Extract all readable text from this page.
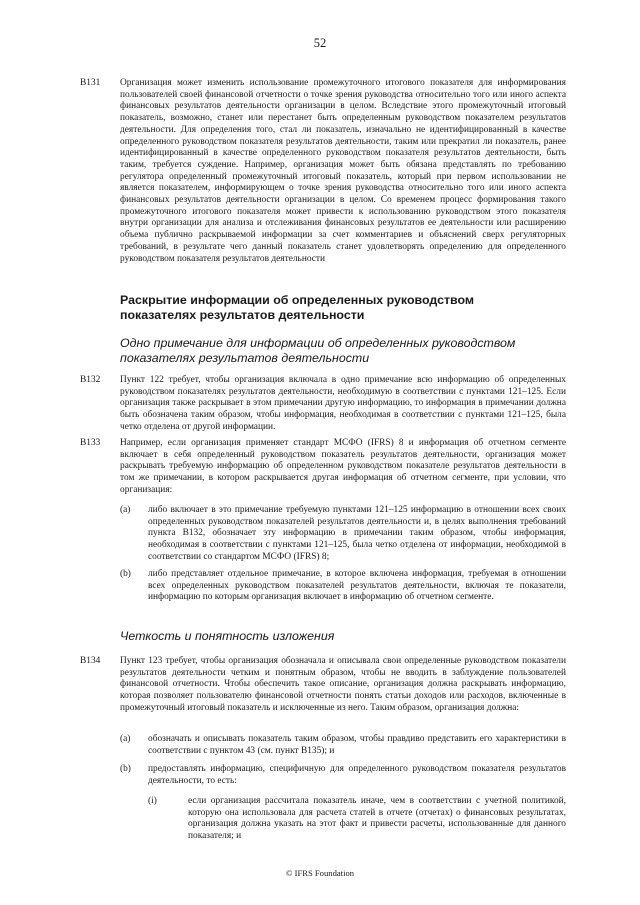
52
B131	Организация может изменить использование промежуточного итогового показателя для информирования пользователей своей финансовой отчетности о точке зрения руководства относительно того или иного аспекта финансовых результатов деятельности организации в целом. Вследствие этого промежуточный итоговый показатель, возможно, станет или перестанет быть определенным руководством показателем результатов деятельности. Для определения того, стал ли показатель, изначально не идентифицированный в качестве определенного руководством показателя результатов деятельности, таким или прекратил ли показатель, ранее идентифицированный в качестве определенного руководством показателя результатов деятельности, быть таким, требуется суждение. Например, организация может быть обязана представлять по требованию регулятора определенный промежуточный итоговый показатель, который при первом использовании не является показателем, информирующем о точке зрения руководства относительно того или иного аспекта финансовых результатов деятельности организации в целом. Со временем процесс формирования такого промежуточного итогового показателя может привести к использованию руководством этого показателя внутри организации для анализа и отслеживания финансовых результатов ее деятельности или расширению объема публично раскрываемой информации за счет комментариев и объяснений сверх регуляторных требований, в результате чего данный показатель станет удовлетворять определению для определенного руководством показателя результатов деятельности
Раскрытие информации об определенных руководством показателях результатов деятельности
Одно примечание для информации об определенных руководством показателях результатов деятельности
B132	Пункт 122 требует, чтобы организация включала в одно примечание всю информацию об определенных руководством показателях результатов деятельности, необходимую в соответствии с пунктами 121–125. Если организация также раскрывает в этом примечании другую информацию, то информация в примечании должна быть обозначена таким образом, чтобы информация, необходимая в соответствии с пунктами 121–125, была четко отделена от другой информации.
B133	Например, если организация применяет стандарт МСФО (IFRS) 8 и информация об отчетном сегменте включает в себя определенный руководством показатель результатов деятельности, организация может раскрывать требуемую информацию об определенном руководством показателе результатов деятельности в том же примечании, в котором раскрывается другая информация об отчетном сегменте, при условии, что организация:
(a) либо включает в это примечание требуемую пунктами 121–125 информацию в отношении всех своих определенных руководством показателей результатов деятельности и, в целях выполнения требований пункта B132, обозначает эту информацию в примечании таким образом, чтобы информация, необходимая в соответствии с пунктами 121–125, была четко отделена от информации, необходимой в соответствии со стандартом МСФО (IFRS) 8;
(b) либо представляет отдельное примечание, в которое включена информация, требуемая в отношении всех определенных руководством показателей результатов деятельности, включая те показатели, информацию по которым организация включает в информацию об отчетном сегменте.
Четкость и понятность изложения
B134	Пункт 123 требует, чтобы организация обозначала и описывала свои определенные руководством показатели результатов деятельности четким и понятным образом, чтобы не вводить в заблуждение пользователей финансовой отчетности. Чтобы обеспечить такое описание, организация должна раскрывать информацию, которая позволяет пользователю финансовой отчетности понять статьи доходов или расходов, включенные в промежуточный итоговый показатель и исключенные из него. Таким образом, организация должна:
(a) обозначать и описывать показатель таким образом, чтобы правдиво представить его характеристики в соответствии с пунктом 43 (см. пункт B135); и
(b) предоставлять информацию, специфичную для определенного руководством показателя результатов деятельности, то есть:
(i)	если организация рассчитала показатель иначе, чем в соответствии с учетной политикой, которую она использовала для расчета статей в отчете (отчетах) о финансовых результатах, организация должна указать на этот факт и привести расчеты, использованные для данного показателя; и
© IFRS Foundation
